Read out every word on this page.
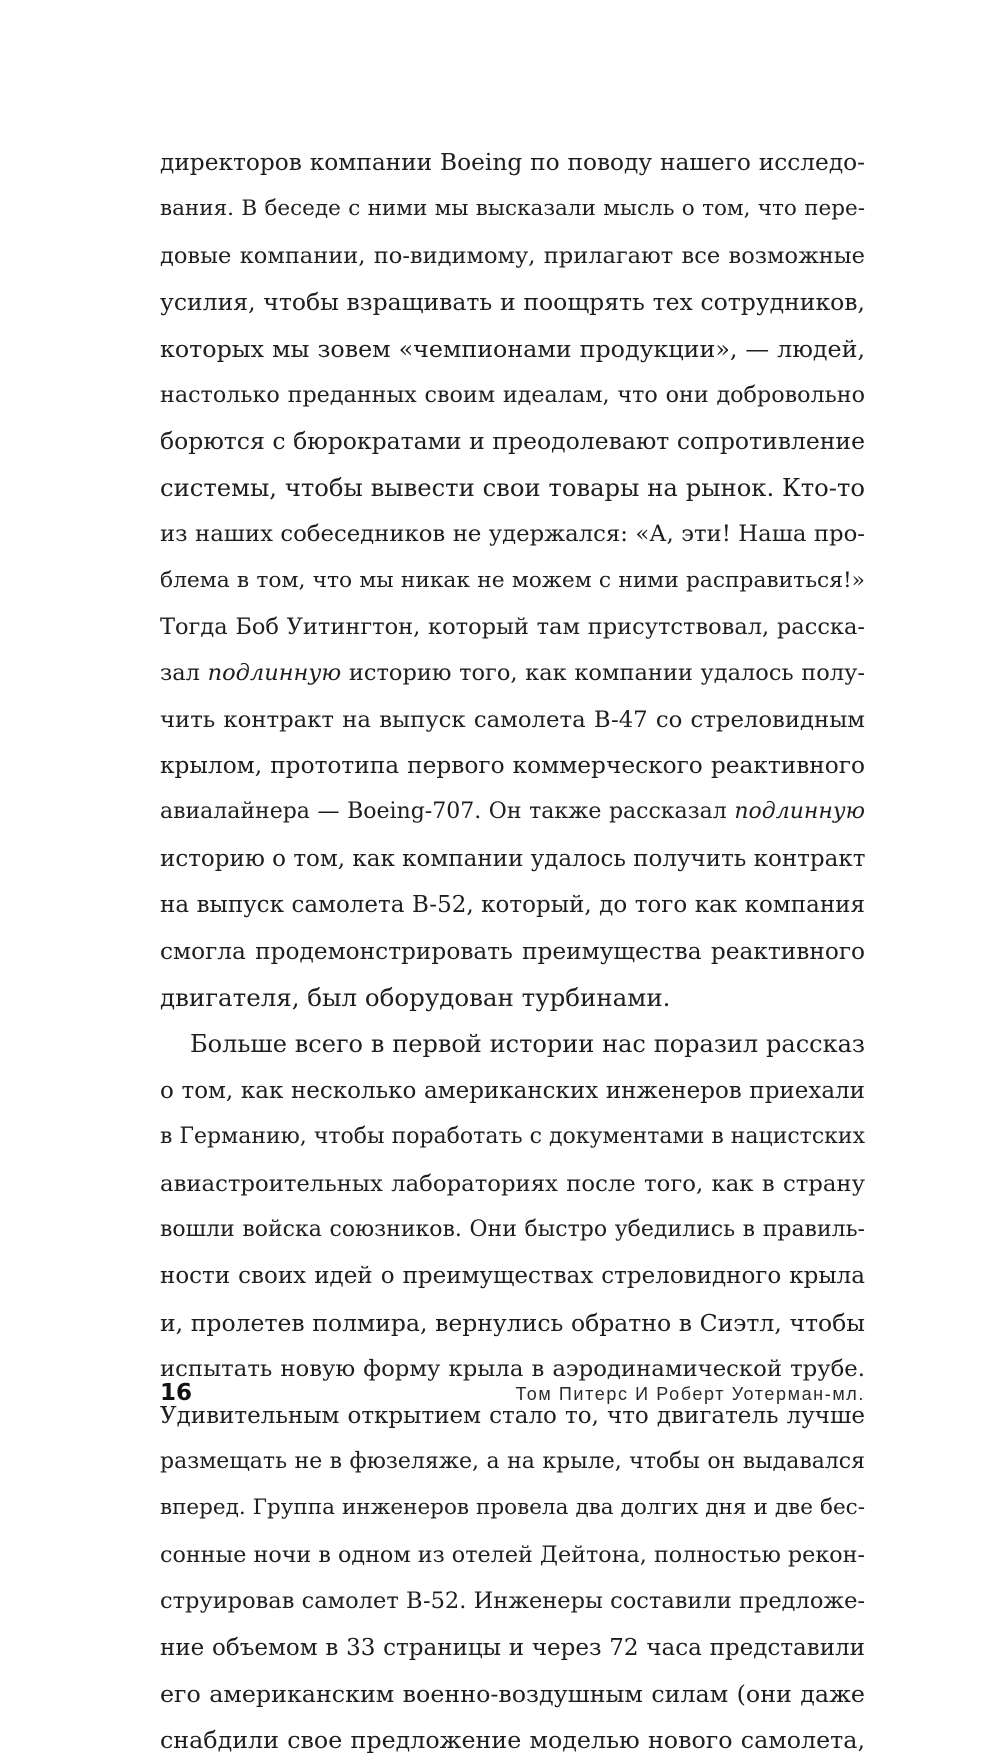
директоров компании Boeing по поводу нашего исследо-
вания. В беседе с ними мы высказали мысль о том, что пере-
довые компании, по-видимому, прилагают все возможные
усилия, чтобы взращивать и поощрять тех сотрудников,
которых мы зовем «чемпионами продукции», — людей,
настолько преданных своим идеалам, что они добровольно
борются с бюрократами и преодолевают сопротивление
системы, чтобы вывести свои товары на рынок. Кто-то
из наших собеседников не удержался: «А, эти! Наша про-
блема в том, что мы никак не можем с ними расправиться!»
Тогда Боб Уитингтон, который там присутствовал, расска-
зал подлинную историю того, как компании удалось полу-
чить контракт на выпуск самолета B-47 со стреловидным
крылом, прототипа первого коммерческого реактивного
авиалайнера — Boeing-707. Он также рассказал подлинную
историю о том, как компании удалось получить контракт
на выпуск самолета B-52, который, до того как компания
смогла продемонстрировать преимущества реактивного
двигателя, был оборудован турбинами.
Больше всего в первой истории нас поразил рассказ
о том, как несколько американских инженеров приехали
в Германию, чтобы поработать с документами в нацистских
авиастроительных лабораториях после того, как в страну
вошли войска союзников. Они быстро убедились в правиль-
ности своих идей о преимуществах стреловидного крыла
и, пролетев полмира, вернулись обратно в Сиэтл, чтобы
испытать новую форму крыла в аэродинамической трубе.
Удивительным открытием стало то, что двигатель лучше
размещать не в фюзеляже, а на крыле, чтобы он выдавался
вперед. Группа инженеров провела два долгих дня и две бес-
сонные ночи в одном из отелей Дейтона, полностью рекон-
струировав самолет B-52. Инженеры составили предложе-
ние объемом в 33 страницы и через 72 часа представили
его американским военно-воздушным силам (они даже
снабдили свое предложение моделью нового самолета,
16	Том Питерс И Роберт Уотерман-мл.
